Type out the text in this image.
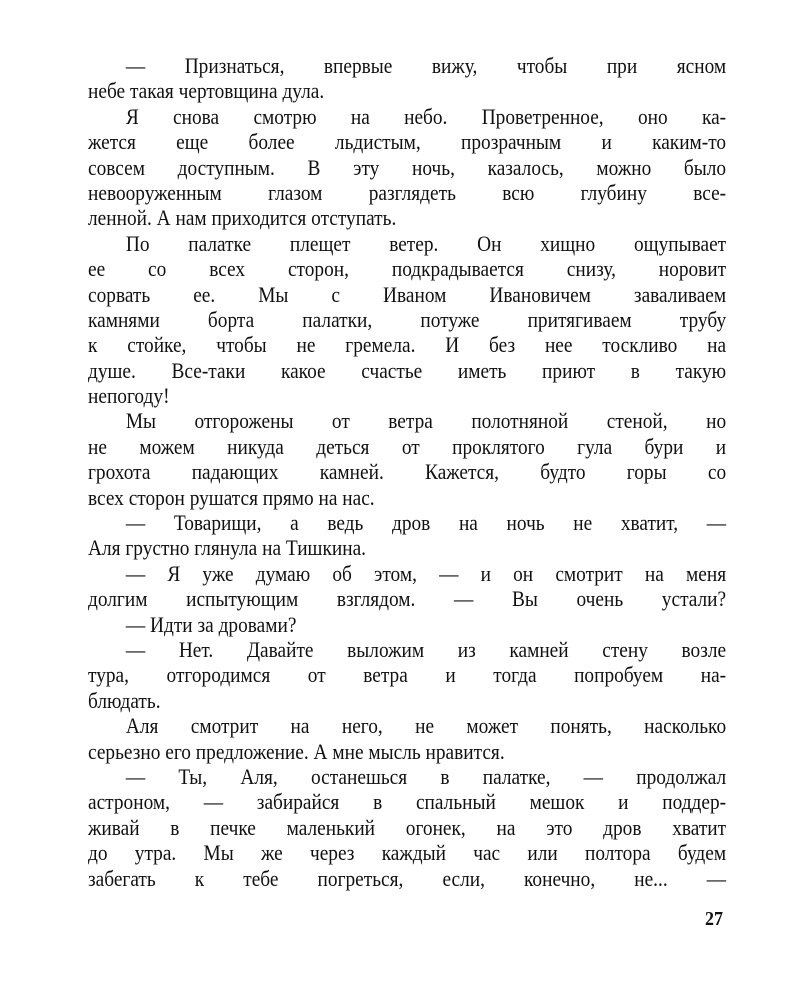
— Признаться, впервые вижу, чтобы при ясном
небе такая чертовщина дула.
Я снова смотрю на небо. Проветренное, оно ка-
жется еще более льдистым, прозрачным и каким-то
совсем доступным. В эту ночь, казалось, можно было
невооруженным глазом разглядеть всю глубину все-
ленной. А нам приходится отступать.
По палатке плещет ветер. Он хищно ощупывает
ее со всех сторон, подкрадывается снизу, норовит
сорвать ее. Мы с Иваном Ивановичем заваливаем
камнями борта палатки, потуже притягиваем трубу
к стойке, чтобы не гремела. И без нее тоскливо на
душе. Все-таки какое счастье иметь приют в такую
непогоду!
Мы отгорожены от ветра полотняной стеной, но
не можем никуда деться от проклятого гула бури и
грохота падающих камней. Кажется, будто горы со
всех сторон рушатся прямо на нас.
— Товарищи, а ведь дров на ночь не хватит, —
Аля грустно глянула на Тишкина.
— Я уже думаю об этом, — и он смотрит на меня
долгим испытующим взглядом. — Вы очень устали?
— Идти за дровами?
— Нет. Давайте выложим из камней стену возле
тура, отгородимся от ветра и тогда попробуем на-
блюдать.
Аля смотрит на него, не может понять, насколько
серьезно его предложение. А мне мысль нравится.
— Ты, Аля, останешься в палатке, — продолжал
астроном, — забирайся в спальный мешок и поддер-
живай в печке маленький огонек, на это дров хватит
до утра. Мы же через каждый час или полтора будем
забегать к тебе погреться, если, конечно, не... —
27
